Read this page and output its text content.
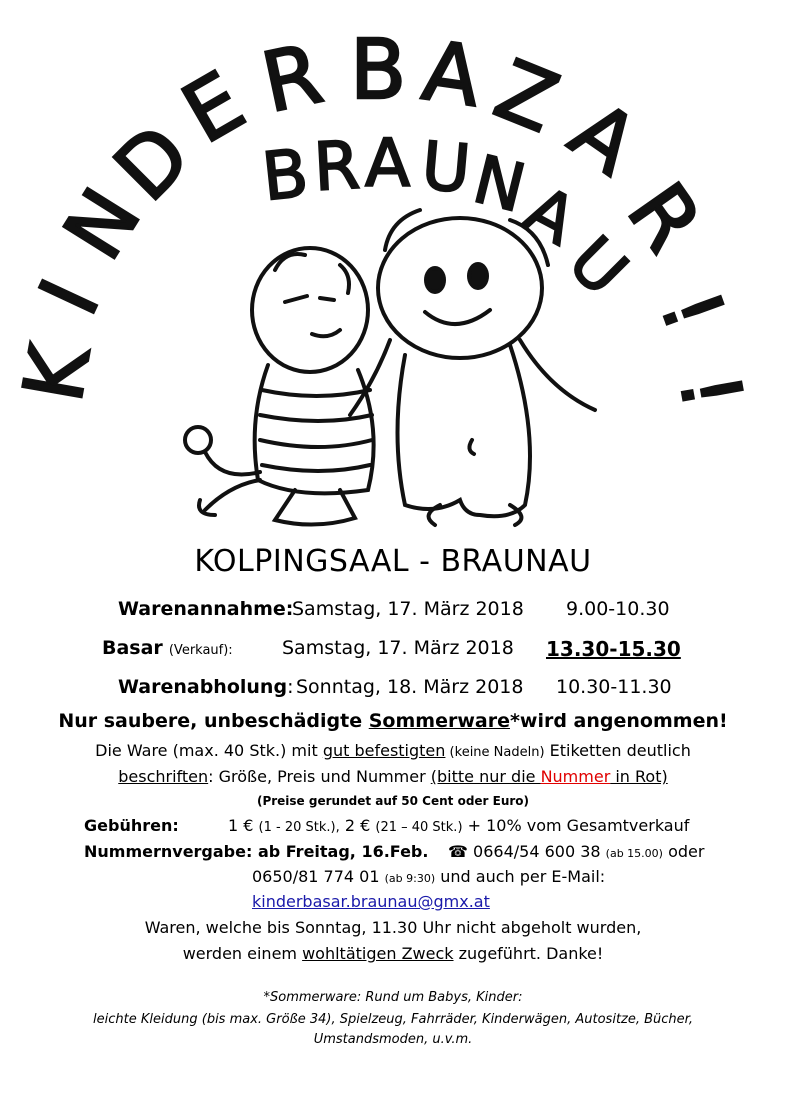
K
I
N
D
E
R B A
Z
A
R
!
!
B R A U
N
A
U
KOLPINGSAAL - BRAUNAU
Warenannahme:
Samstag, 17. März 2018 9.00-10.30
Basar (Verkauf):	Samstag, 17. März 2018 13.30-15.30
Warenabholung: Sonntag, 18. März 2018 10.30-11.30
Nur saubere, unbeschädigte Sommerware*wird angenommen!
Die Ware (max. 40 Stk.) mit gut befestigten (keine Nadeln) Etiketten deutlich
beschriften: Größe, Preis und Nummer (bitte nur die Nummer in Rot)
(Preise gerundet auf 50 Cent oder Euro)
Gebühren:	1 € (1 - 20 Stk.), 2 € (21 – 40 Stk.) + 10% vom Gesamtverkauf
Nummernvergabe: ab Freitag, 16.Feb. ☎ 0664/54 600 38 (ab 15.00) oder
0650/81 774 01 (ab 9:30) und auch per E-Mail:
kinderbasar.braunau@gmx.at
Waren, welche bis Sonntag, 11.30 Uhr nicht abgeholt wurden,
werden einem wohltätigen Zweck zugeführt. Danke!
*Sommerware: Rund um Babys, Kinder:
leichte Kleidung (bis max. Größe 34), Spielzeug, Fahrräder, Kinderwägen, Autositze, Bücher,
Umstandsmoden, u.v.m.
